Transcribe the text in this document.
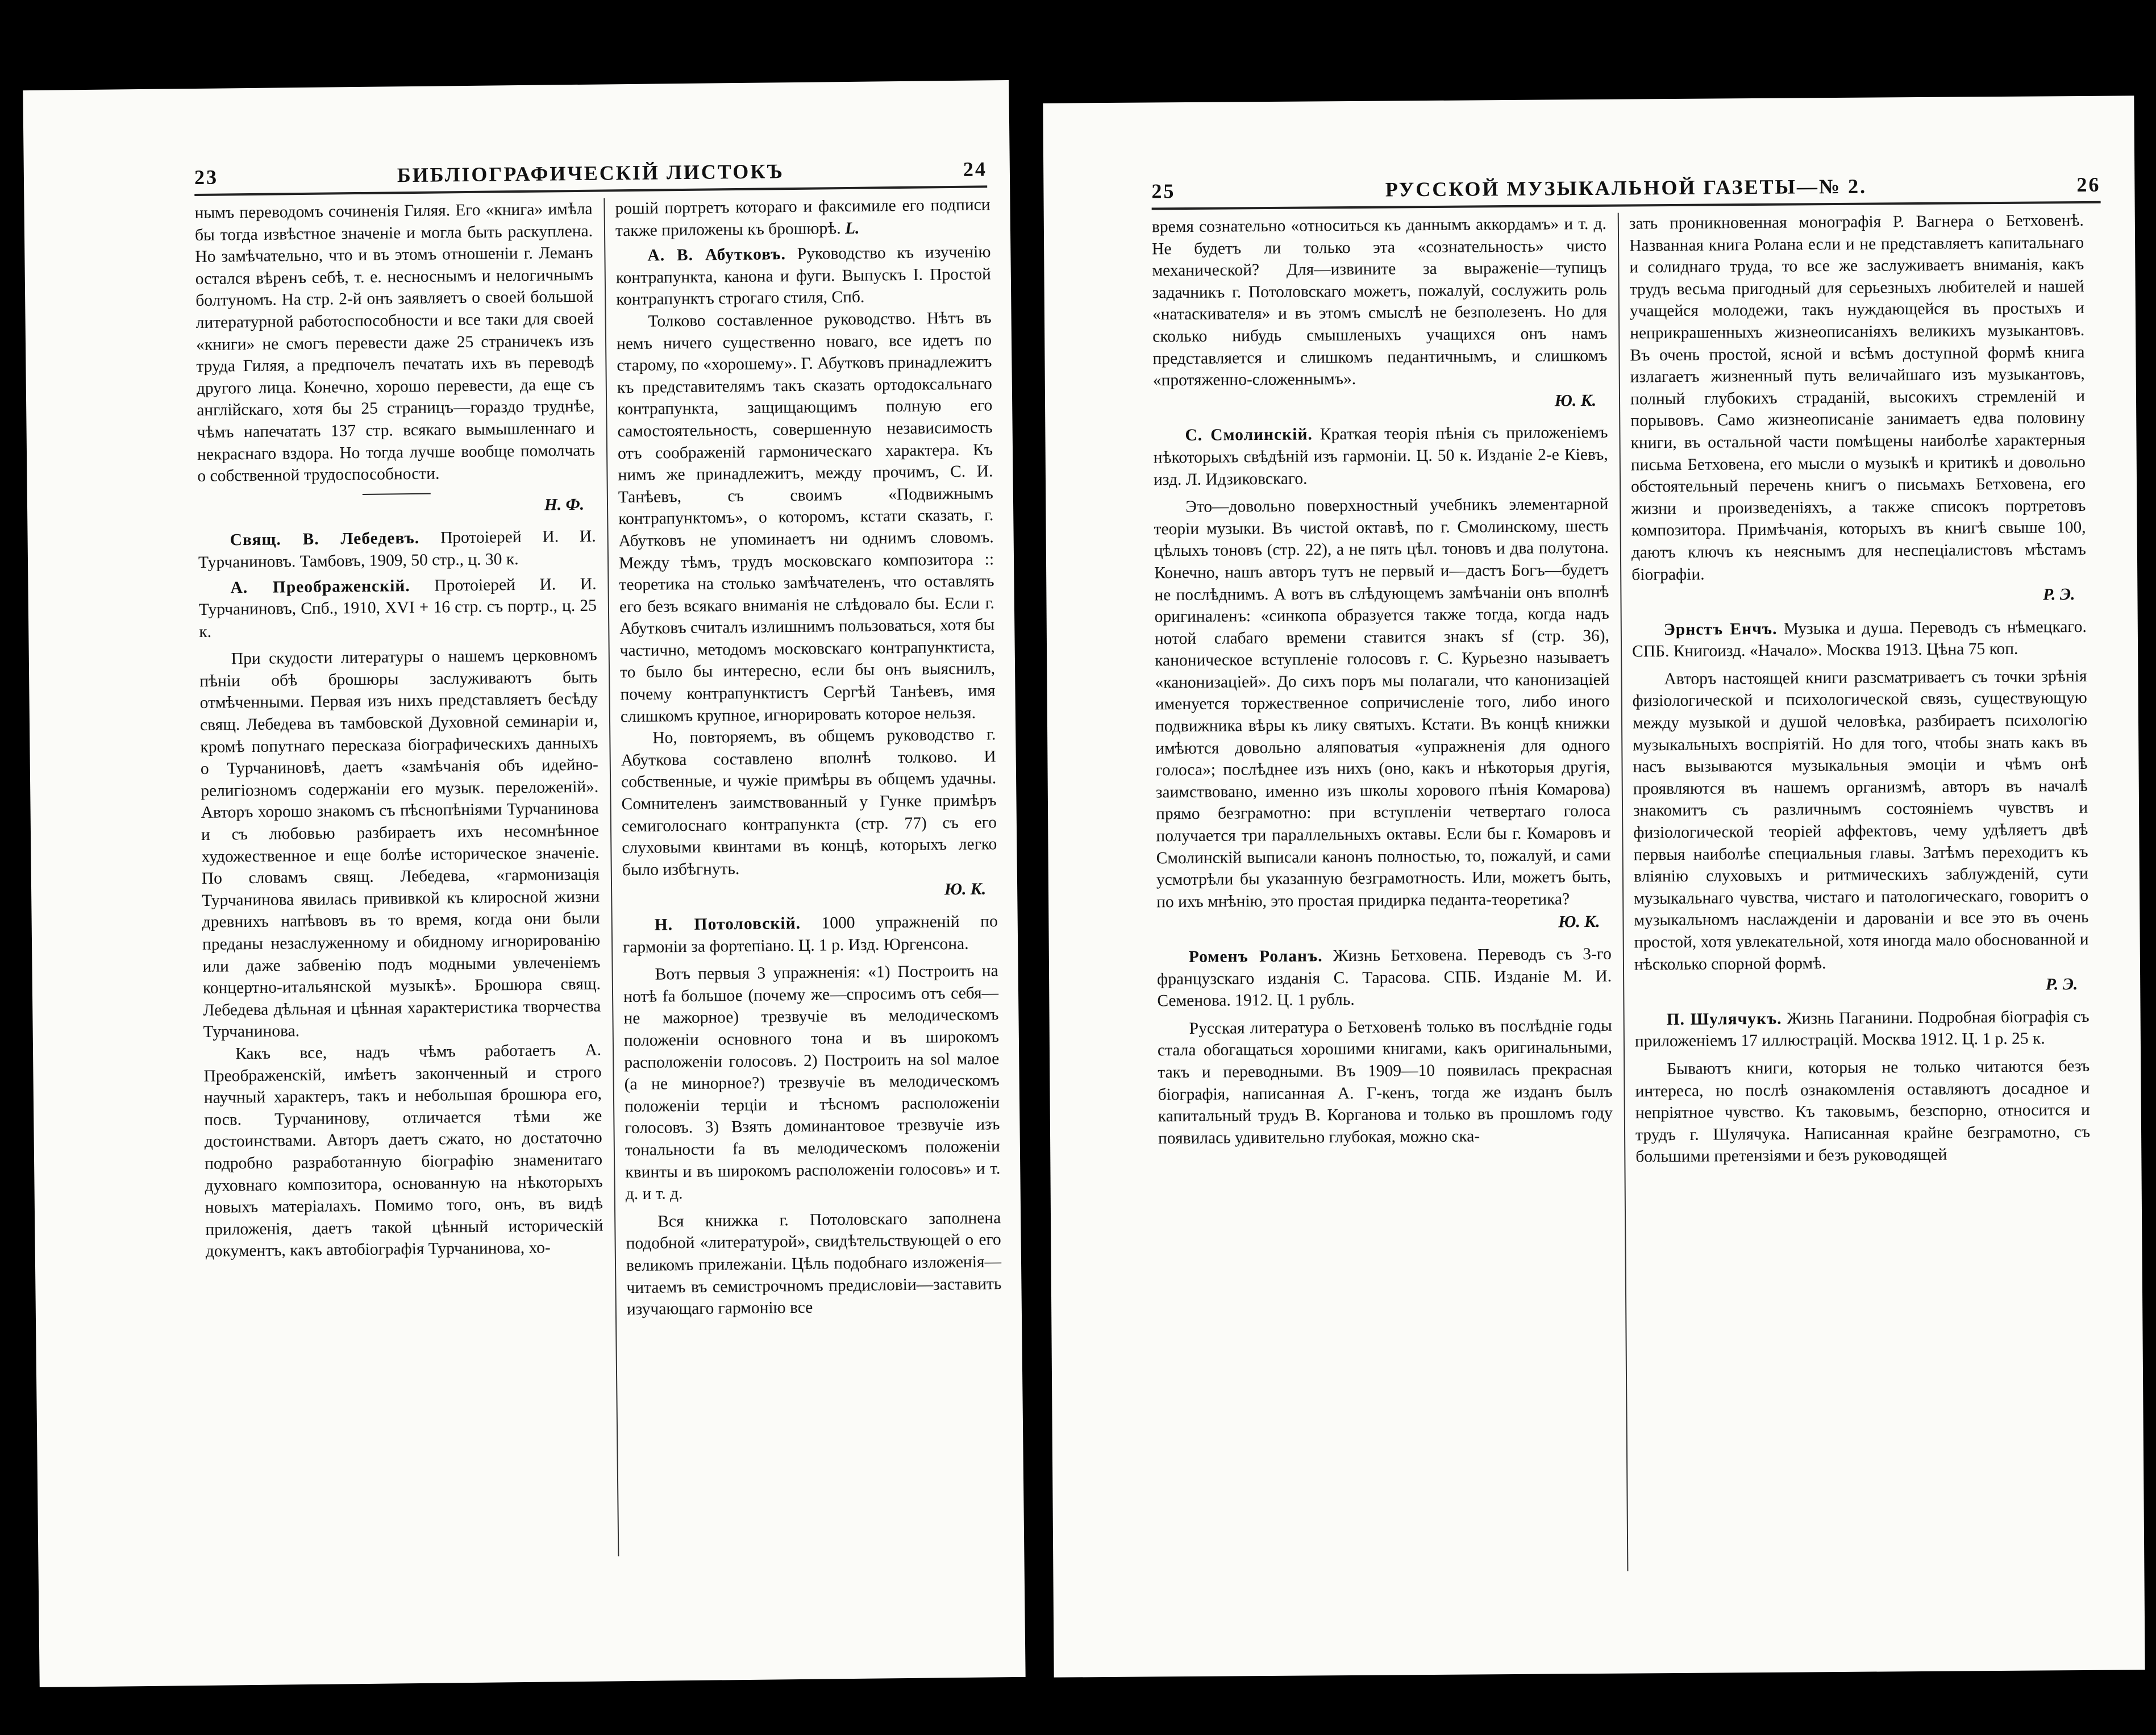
23	БИБЛІОГРАФИЧЕСКІЙ ЛИСТОКЪ	24

нымъ переводомъ сочиненія Гиляя. Его «книга» имѣла бы тогда извѣстное значеніе и могла быть раскуплена. Но замѣчательно, что и въ этомъ отношеніи г. Леманъ остался вѣренъ себѣ, т. е. несноснымъ и нелогичнымъ болтуномъ. На стр. 2-й онъ заявляетъ о своей большой литературной работоспособности и все таки для своей «книги» не смогъ перевести даже 25 страничекъ изъ труда Гиляя, а предпочелъ печатать ихъ въ переводѣ другого лица. Конечно, хорошо перевести, да еще съ англійскаго, хотя бы 25 страницъ—гораздо труднѣе, чѣмъ напечатать 137 стр. всякаго вымышленнаго и некраснаго вздора. Но тогда лучше вообще помолчать о собственной трудоспособности.

Н. Ф.

Свящ. В. Лебедевъ. Протоіерей И. И. Турчаниновъ. Тамбовъ, 1909, 50 стр., ц. 30 к.

А. Преображенскій. Протоіерей И. И. Турчаниновъ, Спб., 1910, XVI + 16 стр. съ портр., ц. 25 к.

При скудости литературы о нашемъ церковномъ пѣніи обѣ брошюры заслуживаютъ быть отмѣченными. Первая изъ нихъ представляетъ бесѣду свящ. Лебедева въ тамбовской Духовной семинаріи и, кромѣ попутнаго пересказа біографическихъ данныхъ о Турчаниновѣ, даетъ «замѣчанія объ идейно-религіозномъ содержаніи его музык. переложеній». Авторъ хорошо знакомъ съ пѣснопѣніями Турчанинова и съ любовью разбираетъ ихъ несомнѣнное художественное и еще болѣе историческое значеніе. По словамъ свящ. Лебедева, «гармонизація Турчанинова явилась прививкой къ клиросной жизни древнихъ напѣвовъ въ то время, когда они были преданы незаслуженному и обидному игнорированію или даже забвенію подъ модными увлеченіемъ концертно-итальянской музыкѣ». Брошюра свящ. Лебедева дѣльная и цѣнная характеристика творчества Турчанинова.

Какъ все, надъ чѣмъ работаетъ А. Преображенскій, имѣетъ законченный и строго научный характеръ, такъ и небольшая брошюра его, посв. Турчанинову, отличается тѣми же достоинствами. Авторъ даетъ сжато, но достаточно подробно разработанную біографію знаменитаго духовнаго композитора, основанную на нѣкоторыхъ новыхъ матеріалахъ. Помимо того, онъ, въ видѣ приложенія, даетъ такой цѣнный историческій документъ, какъ автобіографія Турчанинова, хо-

рошій портретъ котораго и факсимиле его подписи также приложены къ брошюрѣ. L.

А. В. Абутковъ. Руководство къ изученію контрапункта, канона и фуги. Выпускъ I. Простой контрапунктъ строгаго стиля, Спб.

Толково составленное руководство. Нѣтъ въ немъ ничего существенно новаго, все идетъ по старому, по «хорошему». Г. Абутковъ принадлежитъ къ представителямъ такъ сказать ортодоксальнаго контрапункта, защищающимъ полную его самостоятельность, совершенную независимость отъ соображеній гармоническаго характера. Къ нимъ же принадлежитъ, между прочимъ, С. И. Танѣевъ, съ своимъ «Подвижнымъ контрапунктомъ», о которомъ, кстати сказать, г. Абутковъ не упоминаетъ ни однимъ словомъ. Между тѣмъ, трудъ московскаго композитора :: теоретика на столько замѣчателенъ, что оставлять его безъ всякаго вниманія не слѣдовало бы. Если г. Абутковъ считалъ излишнимъ пользоваться, хотя бы частично, методомъ московскаго контрапунктиста, то было бы интересно, если бы онъ выяснилъ, почему контрапунктистъ Сергѣй Танѣевъ, имя слишкомъ крупное, игнорировать которое нельзя.

Но, повторяемъ, въ общемъ руководство г. Абуткова составлено вполнѣ толково. И собственные, и чужіе примѣры въ общемъ удачны. Сомнителенъ заимствованный у Гунке примѣръ семиголоснаго контрапункта (стр. 77) съ его слуховыми квинтами въ концѣ, которыхъ легко было избѣгнуть.

Ю. К.

Н. Потоловскій. 1000 упражненій по гармоніи за фортепіано. Ц. 1 р. Изд. Юргенсона.

Вотъ первыя 3 упражненія: «1) Построить на нотѣ fa большое (почему же—спросимъ отъ себя—не мажорное) трезвучіе въ мелодическомъ положеніи основного тона и въ широкомъ расположеніи голосовъ. 2) Построить на sol малое (а не минорное?) трезвучіе въ мелодическомъ положеніи терціи и тѣсномъ расположеніи голосовъ. 3) Взять доминантовое трезвучіе изъ тональности fa въ мелодическомъ положеніи квинты и въ широкомъ расположеніи голосовъ» и т. д. и т. д.

Вся книжка г. Потоловскаго заполнена подобной «литературой», свидѣтельствующей о его великомъ прилежаніи. Цѣль подобнаго изложенія—читаемъ въ семистрочномъ предисловіи—заставить изучающаго гармонію все

25	РУССКОЙ МУЗЫКАЛЬНОЙ ГАЗЕТЫ—№ 2.	26

время сознательно «относиться къ даннымъ аккордамъ» и т. д. Не будетъ ли только эта «сознательность» чисто механической? Для—извините за выраженіе—тупицъ задачникъ г. Потоловскаго можетъ, пожалуй, сослужить роль «натаскивателя» и въ этомъ смыслѣ не безполезенъ. Но для сколько нибудь смышленыхъ учащихся онъ намъ представляется и слишкомъ педантичнымъ, и слишкомъ «протяженно-сложеннымъ».

Ю. К.

С. Смолинскій. Краткая теорія пѣнія съ приложеніемъ нѣкоторыхъ свѣдѣній изъ гармоніи. Ц. 50 к. Изданіе 2-е Кіевъ, изд. Л. Идзиковскаго.

Это—довольно поверхностный учебникъ элементарной теоріи музыки. Въ чистой октавѣ, по г. Смолинскому, шесть цѣлыхъ тоновъ (стр. 22), а не пять цѣл. тоновъ и два полутона. Конечно, нашъ авторъ тутъ не первый и—дастъ Богъ—будетъ не послѣднимъ. А вотъ въ слѣдующемъ замѣчаніи онъ вполнѣ оригиналенъ: «синкопа образуется также тогда, когда надъ нотой слабаго времени ставится знакъ sf (стр. 36), каноническое вступленіе голосовъ г. С. Курьезно называетъ «канонизаціей». До сихъ поръ мы полагали, что канонизаціей именуется торжественное сопричисленіе того, либо иного подвижника вѣры къ лику святыхъ. Кстати. Въ концѣ книжки имѣются довольно аляповатыя «упражненія для одного голоса»; послѣднее изъ нихъ (оно, какъ и нѣкоторыя другія, заимствовано, именно изъ школы хорового пѣнія Комарова) прямо безграмотно: при вступленіи четвертаго голоса получается три параллельныхъ октавы. Если бы г. Комаровъ и Смолинскій выписали канонъ полностью, то, пожалуй, и сами усмотрѣли бы указанную безграмотность. Или, можетъ быть, по ихъ мнѣнію, это простая придирка педанта-теоретика?

Ю. К.

Роменъ Роланъ. Жизнь Бетховена. Переводъ съ 3-го французскаго изданія С. Тарасова. СПБ. Изданіе М. И. Семенова. 1912. Ц. 1 рубль.

Русская литература о Бетховенѣ только въ послѣдніе годы стала обогащаться хорошими книгами, какъ оригинальными, такъ и переводными. Въ 1909—10 появилась прекрасная біографія, написанная А. Г-кенъ, тогда же изданъ былъ капитальный трудъ В. Корганова и только въ прошломъ году появилась удивительно глубокая, можно ска-

зать проникновенная монографія Р. Вагнера о Бетховенѣ. Названная книга Ролана если и не представляетъ капитальнаго и солиднаго труда, то все же заслуживаетъ вниманія, какъ трудъ весьма пригодный для серьезныхъ любителей и нашей учащейся молодежи, такъ нуждающейся въ простыхъ и неприкрашенныхъ жизнеописаніяхъ великихъ музыкантовъ. Въ очень простой, ясной и всѣмъ доступной формѣ книга излагаетъ жизненный путь величайшаго изъ музыкантовъ, полный глубокихъ страданій, высокихъ стремленій и порывовъ. Само жизнеописаніе занимаетъ едва половину книги, въ остальной части помѣщены наиболѣе характерныя письма Бетховена, его мысли о музыкѣ и критикѣ и довольно обстоятельный перечень книгъ о письмахъ Бетховена, его жизни и произведеніяхъ, а также списокъ портретовъ композитора. Примѣчанія, которыхъ въ книгѣ свыше 100, даютъ ключъ къ неяснымъ для неспеціалистовъ мѣстамъ біографіи.

Р. Э.

Эрнстъ Енчъ. Музыка и душа. Переводъ съ нѣмецкаго. СПБ. Книгоизд. «Начало». Москва 1913. Цѣна 75 коп.

Авторъ настоящей книги разсматриваетъ съ точки зрѣнія физіологической и психологической связь, существующую между музыкой и душой человѣка, разбираетъ психологію музыкальныхъ воспріятій. Но для того, чтобы знать какъ въ насъ вызываются музыкальныя эмоціи и чѣмъ онѣ проявляются въ нашемъ организмѣ, авторъ въ началѣ знакомитъ съ различнымъ состояніемъ чувствъ и физіологической теоріей аффектовъ, чему удѣляетъ двѣ первыя наиболѣе специальныя главы. Затѣмъ переходитъ къ вліянію слуховыхъ и ритмическихъ заблужденій, сути музыкальнаго чувства, чистаго и патологическаго, говоритъ о музыкальномъ наслажденіи и дарованіи и все это въ очень простой, хотя увлекательной, хотя иногда мало обоснованной и нѣсколько спорной формѣ.

Р. Э.

П. Шулячукъ. Жизнь Паганини. Подробная біографія съ приложеніемъ 17 иллюстрацій. Москва 1912. Ц. 1 р. 25 к.

Бываютъ книги, которыя не только читаются безъ интереса, но послѣ ознакомленія оставляютъ досадное и непріятное чувство. Къ таковымъ, безспорно, относится и трудъ г. Шулячука. Написанная крайне безграмотно, съ большими претензіями и безъ руководящей
